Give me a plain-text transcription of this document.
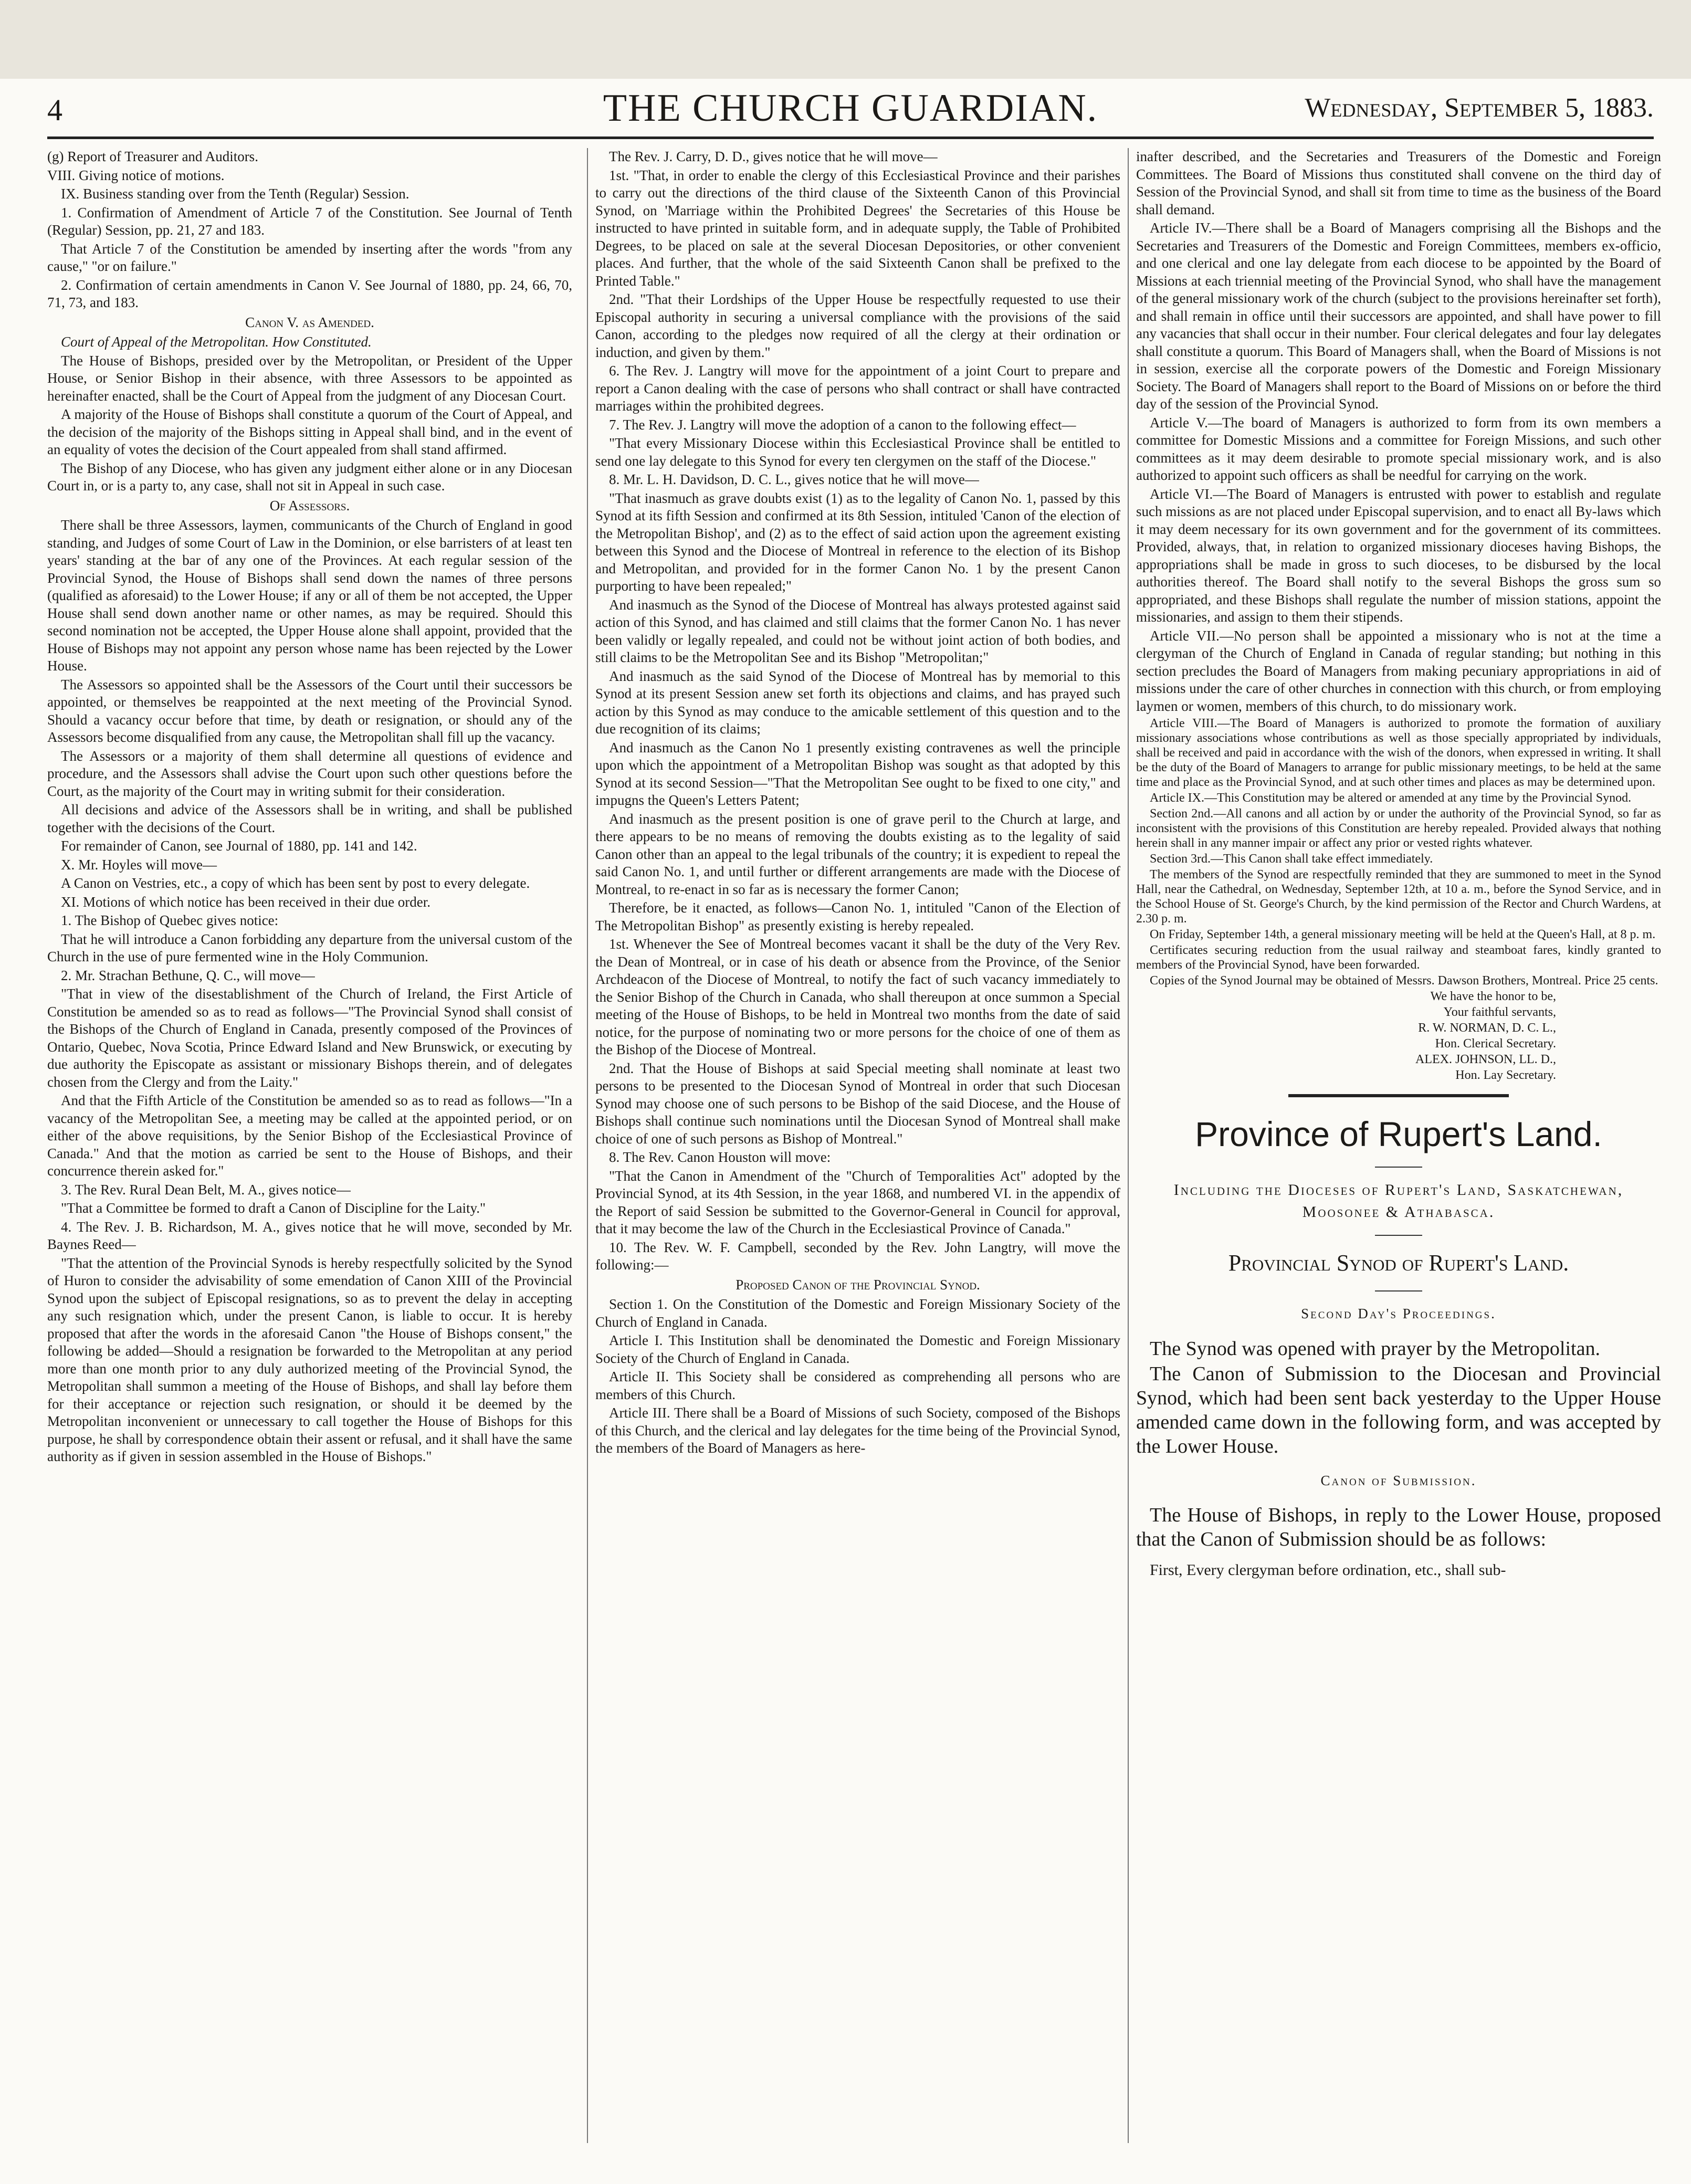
4	THE CHURCH GUARDIAN.	Wednesday, September 5, 1883.

(g) Report of Treasurer and Auditors.

VIII. Giving notice of motions.

IX. Business standing over from the Tenth (Regular) Session.

1. Confirmation of Amendment of Article 7 of the Constitution. See Journal of Tenth (Regular) Session, pp. 21, 27 and 183.

That Article 7 of the Constitution be amended by inserting after the words "from any cause," "or on failure."

2. Confirmation of certain amendments in Canon V. See Journal of 1880, pp. 24, 66, 70, 71, 73, and 183.

Canon V. as Amended.

Court of Appeal of the Metropolitan. How Constituted.

The House of Bishops, presided over by the Metropolitan, or President of the Upper House, or Senior Bishop in their absence, with three Assessors to be appointed as hereinafter enacted, shall be the Court of Appeal from the judgment of any Diocesan Court.

A majority of the House of Bishops shall constitute a quorum of the Court of Appeal, and the decision of the majority of the Bishops sitting in Appeal shall bind, and in the event of an equality of votes the decision of the Court appealed from shall stand affirmed.

The Bishop of any Diocese, who has given any judgment either alone or in any Diocesan Court in, or is a party to, any case, shall not sit in Appeal in such case.

Of Assessors.

There shall be three Assessors, laymen, communicants of the Church of England in good standing, and Judges of some Court of Law in the Dominion, or else barristers of at least ten years' standing at the bar of any one of the Provinces. At each regular session of the Provincial Synod, the House of Bishops shall send down the names of three persons (qualified as aforesaid) to the Lower House; if any or all of them be not accepted, the Upper House shall send down another name or other names, as may be required. Should this second nomination not be accepted, the Upper House alone shall appoint, provided that the House of Bishops may not appoint any person whose name has been rejected by the Lower House.

The Assessors so appointed shall be the Assessors of the Court until their successors be appointed, or themselves be reappointed at the next meeting of the Provincial Synod. Should a vacancy occur before that time, by death or resignation, or should any of the Assessors become disqualified from any cause, the Metropolitan shall fill up the vacancy.

The Assessors or a majority of them shall determine all questions of evidence and procedure, and the Assessors shall advise the Court upon such other questions before the Court, as the majority of the Court may in writing submit for their consideration.

All decisions and advice of the Assessors shall be in writing, and shall be published together with the decisions of the Court.

For remainder of Canon, see Journal of 1880, pp. 141 and 142.

X. Mr. Hoyles will move—

A Canon on Vestries, etc., a copy of which has been sent by post to every delegate.

XI. Motions of which notice has been received in their due order.

1. The Bishop of Quebec gives notice:

That he will introduce a Canon forbidding any departure from the universal custom of the Church in the use of pure fermented wine in the Holy Communion.

2. Mr. Strachan Bethune, Q. C., will move—

"That in view of the disestablishment of the Church of Ireland, the First Article of Constitution be amended so as to read as follows—"The Provincial Synod shall consist of the Bishops of the Church of England in Canada, presently composed of the Provinces of Ontario, Quebec, Nova Scotia, Prince Edward Island and New Brunswick, or executing by due authority the Episcopate as assistant or missionary Bishops therein, and of delegates chosen from the Clergy and from the Laity."

And that the Fifth Article of the Constitution be amended so as to read as follows—"In a vacancy of the Metropolitan See, a meeting may be called at the appointed period, or on either of the above requisitions, by the Senior Bishop of the Ecclesiastical Province of Canada." And that the motion as carried be sent to the House of Bishops, and their concurrence therein asked for."

3. The Rev. Rural Dean Belt, M. A., gives notice—

"That a Committee be formed to draft a Canon of Discipline for the Laity."

4. The Rev. J. B. Richardson, M. A., gives notice that he will move, seconded by Mr. Baynes Reed—

"That the attention of the Provincial Synods is hereby respectfully solicited by the Synod of Huron to consider the advisability of some emendation of Canon XIII of the Provincial Synod upon the subject of Episcopal resignations, so as to prevent the delay in accepting any such resignation which, under the present Canon, is liable to occur. It is hereby proposed that after the words in the aforesaid Canon "the House of Bishops consent," the following be added—Should a resignation be forwarded to the Metropolitan at any period more than one month prior to any duly authorized meeting of the Provincial Synod, the Metropolitan shall summon a meeting of the House of Bishops, and shall lay before them for their acceptance or rejection such resignation, or should it be deemed by the Metropolitan inconvenient or unnecessary to call together the House of Bishops for this purpose, he shall by correspondence obtain their assent or refusal, and it shall have the same authority as if given in session assembled in the House of Bishops."

The Rev. J. Carry, D. D., gives notice that he will move—

1st. "That, in order to enable the clergy of this Ecclesiastical Province and their parishes to carry out the directions of the third clause of the Sixteenth Canon of this Provincial Synod, on 'Marriage within the Prohibited Degrees' the Secretaries of this House be instructed to have printed in suitable form, and in adequate supply, the Table of Prohibited Degrees, to be placed on sale at the several Diocesan Depositories, or other convenient places. And further, that the whole of the said Sixteenth Canon shall be prefixed to the Printed Table."

2nd. "That their Lordships of the Upper House be respectfully requested to use their Episcopal authority in securing a universal compliance with the provisions of the said Canon, according to the pledges now required of all the clergy at their ordination or induction, and given by them."

6. The Rev. J. Langtry will move for the appointment of a joint Court to prepare and report a Canon dealing with the case of persons who shall contract or shall have contracted marriages within the prohibited degrees.

7. The Rev. J. Langtry will move the adoption of a canon to the following effect—

"That every Missionary Diocese within this Ecclesiastical Province shall be entitled to send one lay delegate to this Synod for every ten clergymen on the staff of the Diocese."

8. Mr. L. H. Davidson, D. C. L., gives notice that he will move—

"That inasmuch as grave doubts exist (1) as to the legality of Canon No. 1, passed by this Synod at its fifth Session and confirmed at its 8th Session, intituled 'Canon of the election of the Metropolitan Bishop', and (2) as to the effect of said action upon the agreement existing between this Synod and the Diocese of Montreal in reference to the election of its Bishop and Metropolitan, and provided for in the former Canon No. 1 by the present Canon purporting to have been repealed;"

And inasmuch as the Synod of the Diocese of Montreal has always protested against said action of this Synod, and has claimed and still claims that the former Canon No. 1 has never been validly or legally repealed, and could not be without joint action of both bodies, and still claims to be the Metropolitan See and its Bishop "Metropolitan;"

And inasmuch as the said Synod of the Diocese of Montreal has by memorial to this Synod at its present Session anew set forth its objections and claims, and has prayed such action by this Synod as may conduce to the amicable settlement of this question and to the due recognition of its claims;

And inasmuch as the Canon No 1 presently existing contravenes as well the principle upon which the appointment of a Metropolitan Bishop was sought as that adopted by this Synod at its second Session—"That the Metropolitan See ought to be fixed to one city," and impugns the Queen's Letters Patent;

And inasmuch as the present position is one of grave peril to the Church at large, and there appears to be no means of removing the doubts existing as to the legality of said Canon other than an appeal to the legal tribunals of the country; it is expedient to repeal the said Canon No. 1, and until further or different arrangements are made with the Diocese of Montreal, to re-enact in so far as is necessary the former Canon;

Therefore, be it enacted, as follows—Canon No. 1, intituled "Canon of the Election of The Metropolitan Bishop" as presently existing is hereby repealed.

1st. Whenever the See of Montreal becomes vacant it shall be the duty of the Very Rev. the Dean of Montreal, or in case of his death or absence from the Province, of the Senior Archdeacon of the Diocese of Montreal, to notify the fact of such vacancy immediately to the Senior Bishop of the Church in Canada, who shall thereupon at once summon a Special meeting of the House of Bishops, to be held in Montreal two months from the date of said notice, for the purpose of nominating two or more persons for the choice of one of them as the Bishop of the Diocese of Montreal.

2nd. That the House of Bishops at said Special meeting shall nominate at least two persons to be presented to the Diocesan Synod of Montreal in order that such Diocesan Synod may choose one of such persons to be Bishop of the said Diocese, and the House of Bishops shall continue such nominations until the Diocesan Synod of Montreal shall make choice of one of such persons as Bishop of Montreal."

8. The Rev. Canon Houston will move:

"That the Canon in Amendment of the "Church of Temporalities Act" adopted by the Provincial Synod, at its 4th Session, in the year 1868, and numbered VI. in the appendix of the Report of said Session be submitted to the Governor-General in Council for approval, that it may become the law of the Church in the Ecclesiastical Province of Canada."

10. The Rev. W. F. Campbell, seconded by the Rev. John Langtry, will move the following:—

Proposed Canon of the Provincial Synod.

Section 1. On the Constitution of the Domestic and Foreign Missionary Society of the Church of England in Canada.

Article I. This Institution shall be denominated the Domestic and Foreign Missionary Society of the Church of England in Canada.

Article II. This Society shall be considered as comprehending all persons who are members of this Church.

Article III. There shall be a Board of Missions of such Society, composed of the Bishops of this Church, and the clerical and lay delegates for the time being of the Provincial Synod, the members of the Board of Managers as here-

inafter described, and the Secretaries and Treasurers of the Domestic and Foreign Committees. The Board of Missions thus constituted shall convene on the third day of Session of the Provincial Synod, and shall sit from time to time as the business of the Board shall demand.

Article IV.—There shall be a Board of Managers comprising all the Bishops and the Secretaries and Treasurers of the Domestic and Foreign Committees, members ex-officio, and one clerical and one lay delegate from each diocese to be appointed by the Board of Missions at each triennial meeting of the Provincial Synod, who shall have the management of the general missionary work of the church (subject to the provisions hereinafter set forth), and shall remain in office until their successors are appointed, and shall have power to fill any vacancies that shall occur in their number. Four clerical delegates and four lay delegates shall constitute a quorum. This Board of Managers shall, when the Board of Missions is not in session, exercise all the corporate powers of the Domestic and Foreign Missionary Society. The Board of Managers shall report to the Board of Missions on or before the third day of the session of the Provincial Synod.

Article V.—The board of Managers is authorized to form from its own members a committee for Domestic Missions and a committee for Foreign Missions, and such other committees as it may deem desirable to promote special missionary work, and is also authorized to appoint such officers as shall be needful for carrying on the work.

Article VI.—The Board of Managers is entrusted with power to establish and regulate such missions as are not placed under Episcopal supervision, and to enact all By-laws which it may deem necessary for its own government and for the government of its committees. Provided, always, that, in relation to organized missionary dioceses having Bishops, the appropriations shall be made in gross to such dioceses, to be disbursed by the local authorities thereof. The Board shall notify to the several Bishops the gross sum so appropriated, and these Bishops shall regulate the number of mission stations, appoint the missionaries, and assign to them their stipends.

Article VII.—No person shall be appointed a missionary who is not at the time a clergyman of the Church of England in Canada of regular standing; but nothing in this section precludes the Board of Managers from making pecuniary appropriations in aid of missions under the care of other churches in connection with this church, or from employing laymen or women, members of this church, to do missionary work.

Article VIII.—The Board of Managers is authorized to promote the formation of auxiliary missionary associations whose contributions as well as those specially appropriated by individuals, shall be received and paid in accordance with the wish of the donors, when expressed in writing. It shall be the duty of the Board of Managers to arrange for public missionary meetings, to be held at the same time and place as the Provincial Synod, and at such other times and places as may be determined upon.

Article IX.—This Constitution may be altered or amended at any time by the Provincial Synod.

Section 2nd.—All canons and all action by or under the authority of the Provincial Synod, so far as inconsistent with the provisions of this Constitution are hereby repealed. Provided always that nothing herein shall in any manner impair or affect any prior or vested rights whatever.

Section 3rd.—This Canon shall take effect immediately.

The members of the Synod are respectfully reminded that they are summoned to meet in the Synod Hall, near the Cathedral, on Wednesday, September 12th, at 10 a. m., before the Synod Service, and in the School House of St. George's Church, by the kind permission of the Rector and Church Wardens, at 2.30 p. m.

On Friday, September 14th, a general missionary meeting will be held at the Queen's Hall, at 8 p. m.

Certificates securing reduction from the usual railway and steamboat fares, kindly granted to members of the Provincial Synod, have been forwarded.

Copies of the Synod Journal may be obtained of Messrs. Dawson Brothers, Montreal. Price 25 cents.

We have the honor to be,

Your faithful servants,

R. W. NORMAN, D. C. L.,

Hon. Clerical Secretary.

ALEX. JOHNSON, LL. D.,

Hon. Lay Secretary.

Province of Rupert's Land.
Including the Dioceses of Rupert's Land, Saskatchewan, Moosonee & Athabasca.
Provincial Synod of Rupert's Land.
Second Day's Proceedings.

The Synod was opened with prayer by the Metropolitan.

The Canon of Submission to the Diocesan and Provincial Synod, which had been sent back yesterday to the Upper House amended came down in the following form, and was accepted by the Lower House.

Canon of Submission.

The House of Bishops, in reply to the Lower House, proposed that the Canon of Submission should be as follows:

First, Every clergyman before ordination, etc., shall sub-
